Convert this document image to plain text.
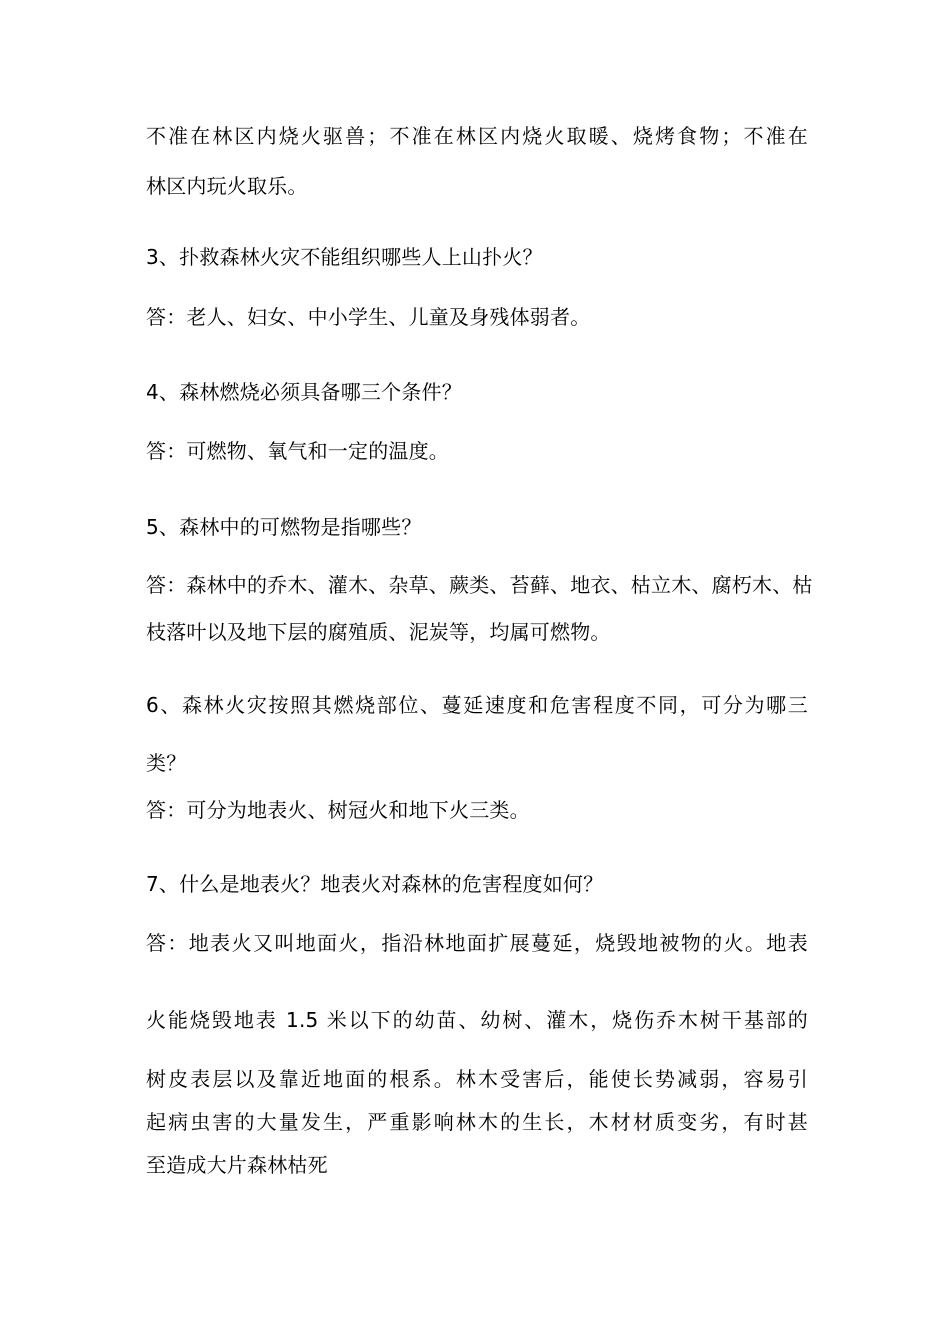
不准在林区内烧火驱兽；不准在林区内烧火取暖、烧烤食物；不准在
林区内玩火取乐。
3、扑救森林火灾不能组织哪些人上山扑火？
答：老人、妇女、中小学生、儿童及身残体弱者。
4、森林燃烧必须具备哪三个条件？
答：可燃物、氧气和一定的温度。
5、森林中的可燃物是指哪些？
答：森林中的乔木、灌木、杂草、蕨类、苔藓、地衣、枯立木、腐朽木、枯
枝落叶以及地下层的腐殖质、泥炭等，均属可燃物。
6、森林火灾按照其燃烧部位、蔓延速度和危害程度不同，可分为哪三
类？
答：可分为地表火、树冠火和地下火三类。
7、什么是地表火？地表火对森林的危害程度如何？
答：地表火又叫地面火，指沿林地面扩展蔓延，烧毁地被物的火。地表
火能烧毁地表 1.5 米以下的幼苗、幼树、灌木，烧伤乔木树干基部的
树皮表层以及靠近地面的根系。林木受害后，能使长势减弱，容易引
起病虫害的大量发生，严重影响林木的生长，木材材质变劣，有时甚
至造成大片森林枯死
